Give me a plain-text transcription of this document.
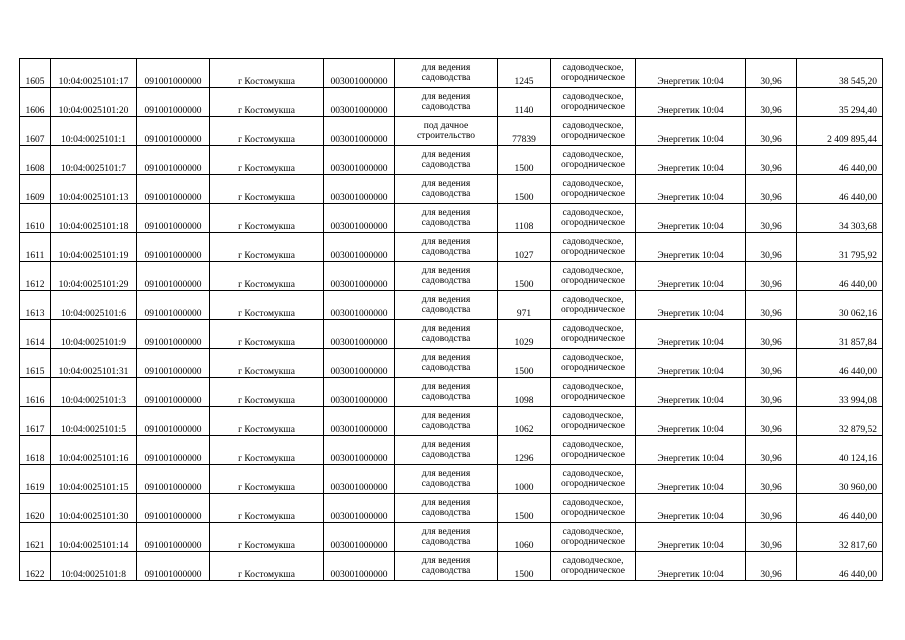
1605	10:04:0025101:17	091001000000	г Костомукша	003001000000	для ведения
садоводства	1245	садоводческое,
огородническое	Энергетик 10:04	30,96	38 545,20
1606	10:04:0025101:20	091001000000	г Костомукша	003001000000	для ведения
садоводства	1140	садоводческое,
огородническое	Энергетик 10:04	30,96	35 294,40
1607	10:04:0025101:1	091001000000	г Костомукша	003001000000	под дачное
строительство	77839	садоводческое,
огородническое	Энергетик 10:04	30,96	2 409 895,44
1608	10:04:0025101:7	091001000000	г Костомукша	003001000000	для ведения
садоводства	1500	садоводческое,
огородническое	Энергетик 10:04	30,96	46 440,00
1609	10:04:0025101:13	091001000000	г Костомукша	003001000000	для ведения
садоводства	1500	садоводческое,
огородническое	Энергетик 10:04	30,96	46 440,00
1610	10:04:0025101:18	091001000000	г Костомукша	003001000000	для ведения
садоводства	1108	садоводческое,
огородническое	Энергетик 10:04	30,96	34 303,68
1611	10:04:0025101:19	091001000000	г Костомукша	003001000000	для ведения
садоводства	1027	садоводческое,
огородническое	Энергетик 10:04	30,96	31 795,92
1612	10:04:0025101:29	091001000000	г Костомукша	003001000000	для ведения
садоводства	1500	садоводческое,
огородническое	Энергетик 10:04	30,96	46 440,00
1613	10:04:0025101:6	091001000000	г Костомукша	003001000000	для ведения
садоводства	971	садоводческое,
огородническое	Энергетик 10:04	30,96	30 062,16
1614	10:04:0025101:9	091001000000	г Костомукша	003001000000	для ведения
садоводства	1029	садоводческое,
огородническое	Энергетик 10:04	30,96	31 857,84
1615	10:04:0025101:31	091001000000	г Костомукша	003001000000	для ведения
садоводства	1500	садоводческое,
огородническое	Энергетик 10:04	30,96	46 440,00
1616	10:04:0025101:3	091001000000	г Костомукша	003001000000	для ведения
садоводства	1098	садоводческое,
огородническое	Энергетик 10:04	30,96	33 994,08
1617	10:04:0025101:5	091001000000	г Костомукша	003001000000	для ведения
садоводства	1062	садоводческое,
огородническое	Энергетик 10:04	30,96	32 879,52
1618	10:04:0025101:16	091001000000	г Костомукша	003001000000	для ведения
садоводства	1296	садоводческое,
огородническое	Энергетик 10:04	30,96	40 124,16
1619	10:04:0025101:15	091001000000	г Костомукша	003001000000	для ведения
садоводства	1000	садоводческое,
огородническое	Энергетик 10:04	30,96	30 960,00
1620	10:04:0025101:30	091001000000	г Костомукша	003001000000	для ведения
садоводства	1500	садоводческое,
огородническое	Энергетик 10:04	30,96	46 440,00
1621	10:04:0025101:14	091001000000	г Костомукша	003001000000	для ведения
садоводства	1060	садоводческое,
огородническое	Энергетик 10:04	30,96	32 817,60
1622	10:04:0025101:8	091001000000	г Костомукша	003001000000	для ведения
садоводства	1500	садоводческое,
огородническое	Энергетик 10:04	30,96	46 440,00
